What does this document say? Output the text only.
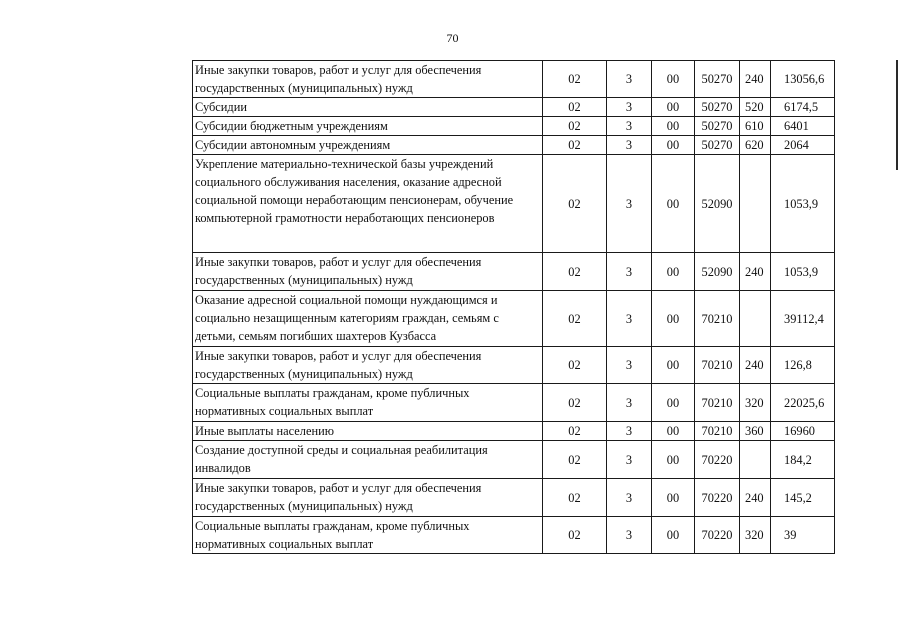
70
Иные закупки товаров, работ и услуг для обеспечения государственных (муниципальных) нужд	02	3	00	50270	240	13056,6
Субсидии	02	3	00	50270	520	6174,5
Субсидии бюджетным учреждениям	02	3	00	50270	610	6401
Субсидии автономным учреждениям	02	3	00	50270	620	2064
Укрепление материально-технической базы учреждений социального обслуживания населения, оказание адресной социальной помощи неработающим пенсионерам, обучение компьютерной грамотности неработающих пенсионеров	02	3	00	52090		1053,9
Иные закупки товаров, работ и услуг для обеспечения государственных (муниципальных) нужд	02	3	00	52090	240	1053,9
Оказание адресной социальной помощи нуждающимся и социально незащищенным категориям граждан, семьям с детьми, семьям погибших шахтеров Кузбасса	02	3	00	70210		39112,4
Иные закупки товаров, работ и услуг для обеспечения государственных (муниципальных) нужд	02	3	00	70210	240	126,8
Социальные выплаты гражданам, кроме публичных нормативных социальных выплат	02	3	00	70210	320	22025,6
Иные выплаты населению	02	3	00	70210	360	16960
Создание доступной среды и социальная реабилитация инвалидов	02	3	00	70220		184,2
Иные закупки товаров, работ и услуг для обеспечения государственных (муниципальных) нужд	02	3	00	70220	240	145,2
Социальные выплаты гражданам, кроме публичных нормативных социальных выплат	02	3	00	70220	320	39
